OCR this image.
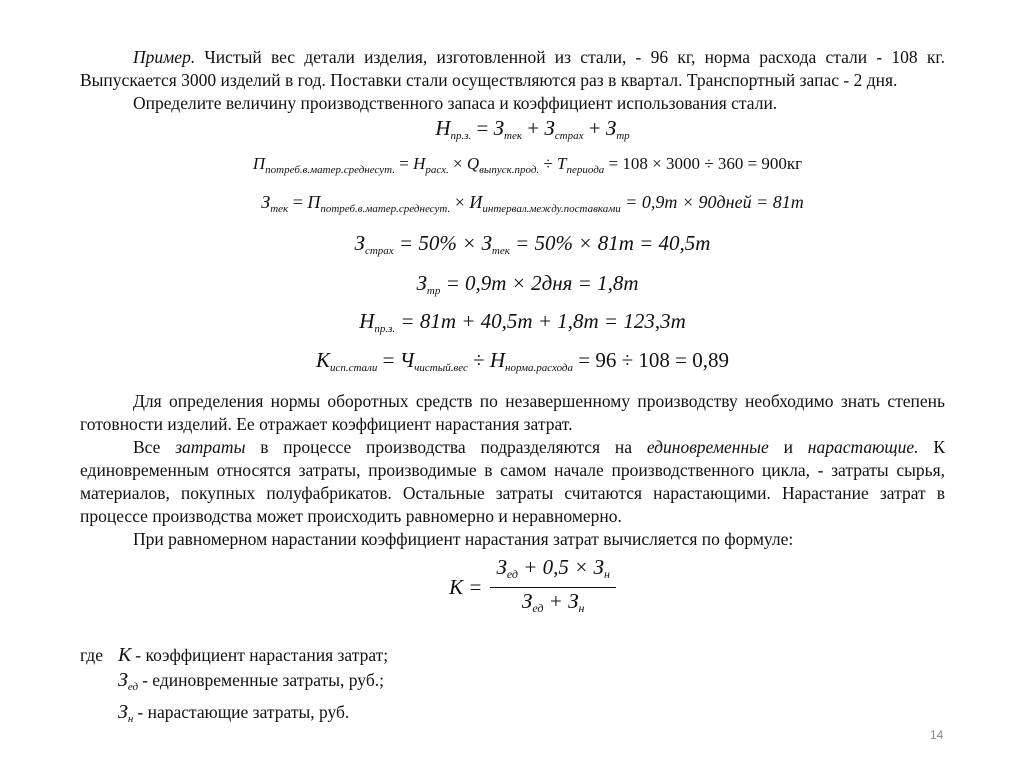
Пример. Чистый вес детали изделия, изготовленной из стали, - 96 кг, норма расхода стали - 108 кг. Выпускается 3000 изделий в год. Поставки стали осуществляются раз в квартал. Транспортный запас - 2 дня.

Определите величину производственного запаса и коэффициент использования стали.

$Н_{пр.з.} = З_{тек} + З_{страх} + З_{тр}$
$П_{потреб.в.матер.среднесут.} = Н_{расх.} \times Q_{выпуск.прод.} \div Т_{периода} = 108 \times 3000 \div 360 = 900кг$
$З_{тек} = П_{потреб.в.матер.среднесут.} \times И_{интервал.между.поставками} = 0,9т$ × 90дней = 81т
$З_{страх} = 50\% \times З_{тек} = 50\% \times 81т = 40,5т$
$З_{тр} = 0,9т \times 2дня = 1,8т$
$Н_{пр.з.} = 81т + 40,5т + 1,8т = 123,3т$
$К_{исп.стали} = Ч_{чистый.вес} \div Н_{норма.расхода} = 96 \div 108 = 0,89$

Для определения нормы оборотных средств по незавершенному производству необходимо знать степень готовности изделий. Ее отражает коэффициент нарастания затрат.

Все затраты в процессе производства подразделяются на единовременные и нарастающие. К единовременным относятся затраты, производимые в самом начале производственного цикла, - затраты сырья, материалов, покупных полуфабрикатов. Остальные затраты считаются нарастающими. Нарастание затрат в процессе производства может происходить равномерно и неравномерно.

При равномерном нарастании коэффициент нарастания затрат вычисляется по формуле:

$К = \frac{З_{ед} + 0,5 \times З_н}{З_{ед} + З_н}$
где К - коэффициент нарастания затрат;
$З_{ед}$ - единовременные затраты, руб.;
$З_н$ - нарастающие затраты, руб.
14
